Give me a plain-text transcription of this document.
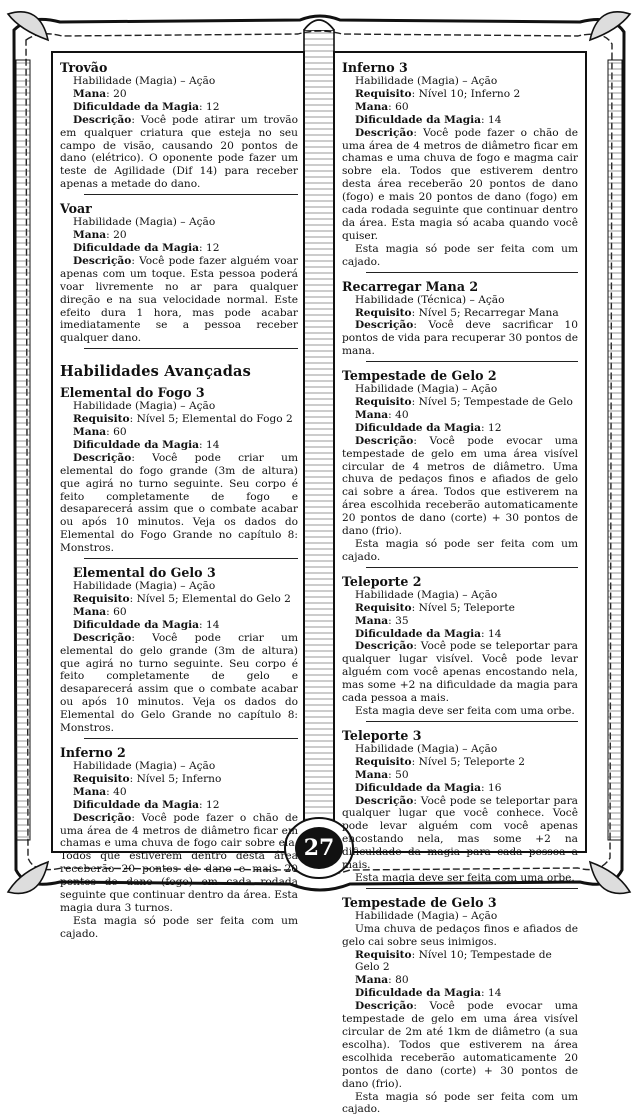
27

Trovão

Habilidade (Magia) – Ação

Mana: 20

Dificuldade da Magia: 12

Descrição: Você pode atirar um trovão em qualquer criatura que esteja no seu campo de visão, causando 20 pontos de dano (elétrico). O oponente pode fazer um teste de Agilidade (Dif 14) para receber apenas a metade do dano.

Voar

Habilidade (Magia) – Ação

Mana: 20

Dificuldade da Magia: 12

Descrição: Você pode fazer alguém voar apenas com um toque. Esta pessoa poderá voar livremente no ar para qualquer direção e na sua velocidade normal. Este efeito dura 1 hora, mas pode acabar imediatamente se a pessoa receber qualquer dano.

Habilidades Avançadas

Elemental do Fogo 3

Habilidade (Magia) – Ação

Requisito: Nível 5; Elemental do Fogo 2

Mana: 60

Dificuldade da Magia: 14

Descrição: Você pode criar um elemental do fogo grande (3m de altura) que agirá no turno seguinte. Seu corpo é feito completamente de fogo e desaparecerá assim que o combate acabar ou após 10 minutos. Veja os dados do Elemental do Fogo Grande no capítulo 8: Monstros.

Elemental do Gelo 3

Habilidade (Magia) – Ação

Requisito: Nível 5; Elemental do Gelo 2

Mana: 60

Dificuldade da Magia: 14

Descrição: Você pode criar um elemental do gelo grande (3m de altura) que agirá no turno seguinte. Seu corpo é feito completamente de gelo e desaparecerá assim que o combate acabar ou após 10 minutos. Veja os dados do Elemental do Gelo Grande no capítulo 8: Monstros.

Inferno 2

Habilidade (Magia) – Ação

Requisito: Nível 5; Inferno

Mana: 40

Dificuldade da Magia: 12

Descrição: Você pode fazer o chão de uma área de 4 metros de diâmetro ficar em chamas e uma chuva de fogo cair sobre ela. Todos que estiverem dentro desta área receberão 20 pontos de dano e mais 20 pontos de dano (fogo) em cada rodada seguinte que continuar dentro da área. Esta magia dura 3 turnos.

Esta magia só pode ser feita com um cajado.

Inferno 3

Habilidade (Magia) – Ação

Requisito: Nível 10; Inferno 2

Mana: 60

Dificuldade da Magia: 14

Descrição: Você pode fazer o chão de uma área de 4 metros de diâmetro ficar em chamas e uma chuva de fogo e magma cair sobre ela. Todos que estiverem dentro desta área receberão 20 pontos de dano (fogo) e mais 20 pontos de dano (fogo) em cada rodada seguinte que continuar dentro da área. Esta magia só acaba quando você quiser.

Esta magia só pode ser feita com um cajado.

Recarregar Mana 2

Habilidade (Técnica) – Ação

Requisito: Nível 5; Recarregar Mana

Descrição: Você deve sacrificar 10 pontos de vida para recuperar 30 pontos de mana.

Tempestade de Gelo 2

Habilidade (Magia) – Ação

Requisito: Nível 5; Tempestade de Gelo

Mana: 40

Dificuldade da Magia: 12

Descrição: Você pode evocar uma tempestade de gelo em uma área visível circular de 4 metros de diâmetro. Uma chuva de pedaços finos e afiados de gelo cai sobre a área. Todos que estiverem na área escolhida receberão automaticamente 20 pontos de dano (corte) + 30 pontos de dano (frio).

Esta magia só pode ser feita com um cajado.

Teleporte 2

Habilidade (Magia) – Ação

Requisito: Nível 5; Teleporte

Mana: 35

Dificuldade da Magia: 14

Descrição: Você pode se teleportar para qualquer lugar visível. Você pode levar alguém com você apenas encostando nela, mas some +2 na dificuldade da magia para cada pessoa a mais.

Esta magia deve ser feita com uma orbe.

Teleporte 3

Habilidade (Magia) – Ação

Requisito: Nível 5; Teleporte 2

Mana: 50

Dificuldade da Magia: 16

Descrição: Você pode se teleportar para qualquer lugar que você conhece. Você pode levar alguém com você apenas encostando nela, mas some +2 na dificuldade da magia para cada pessoa a mais.

Esta magia deve ser feita com uma orbe.

Tempestade de Gelo 3

Habilidade (Magia) – Ação

Uma chuva de pedaços finos e afiados de gelo cai sobre seus inimigos.

Requisito: Nível 10; Tempestade de Gelo 2

Mana: 80

Dificuldade da Magia: 14

Descrição: Você pode evocar uma tempestade de gelo em uma área visível circular de 2m até 1km de diâmetro (a sua escolha). Todos que estiverem na área escolhida receberão automaticamente 20 pontos de dano (corte) + 30 pontos de dano (frio).

Esta magia só pode ser feita com um cajado.
